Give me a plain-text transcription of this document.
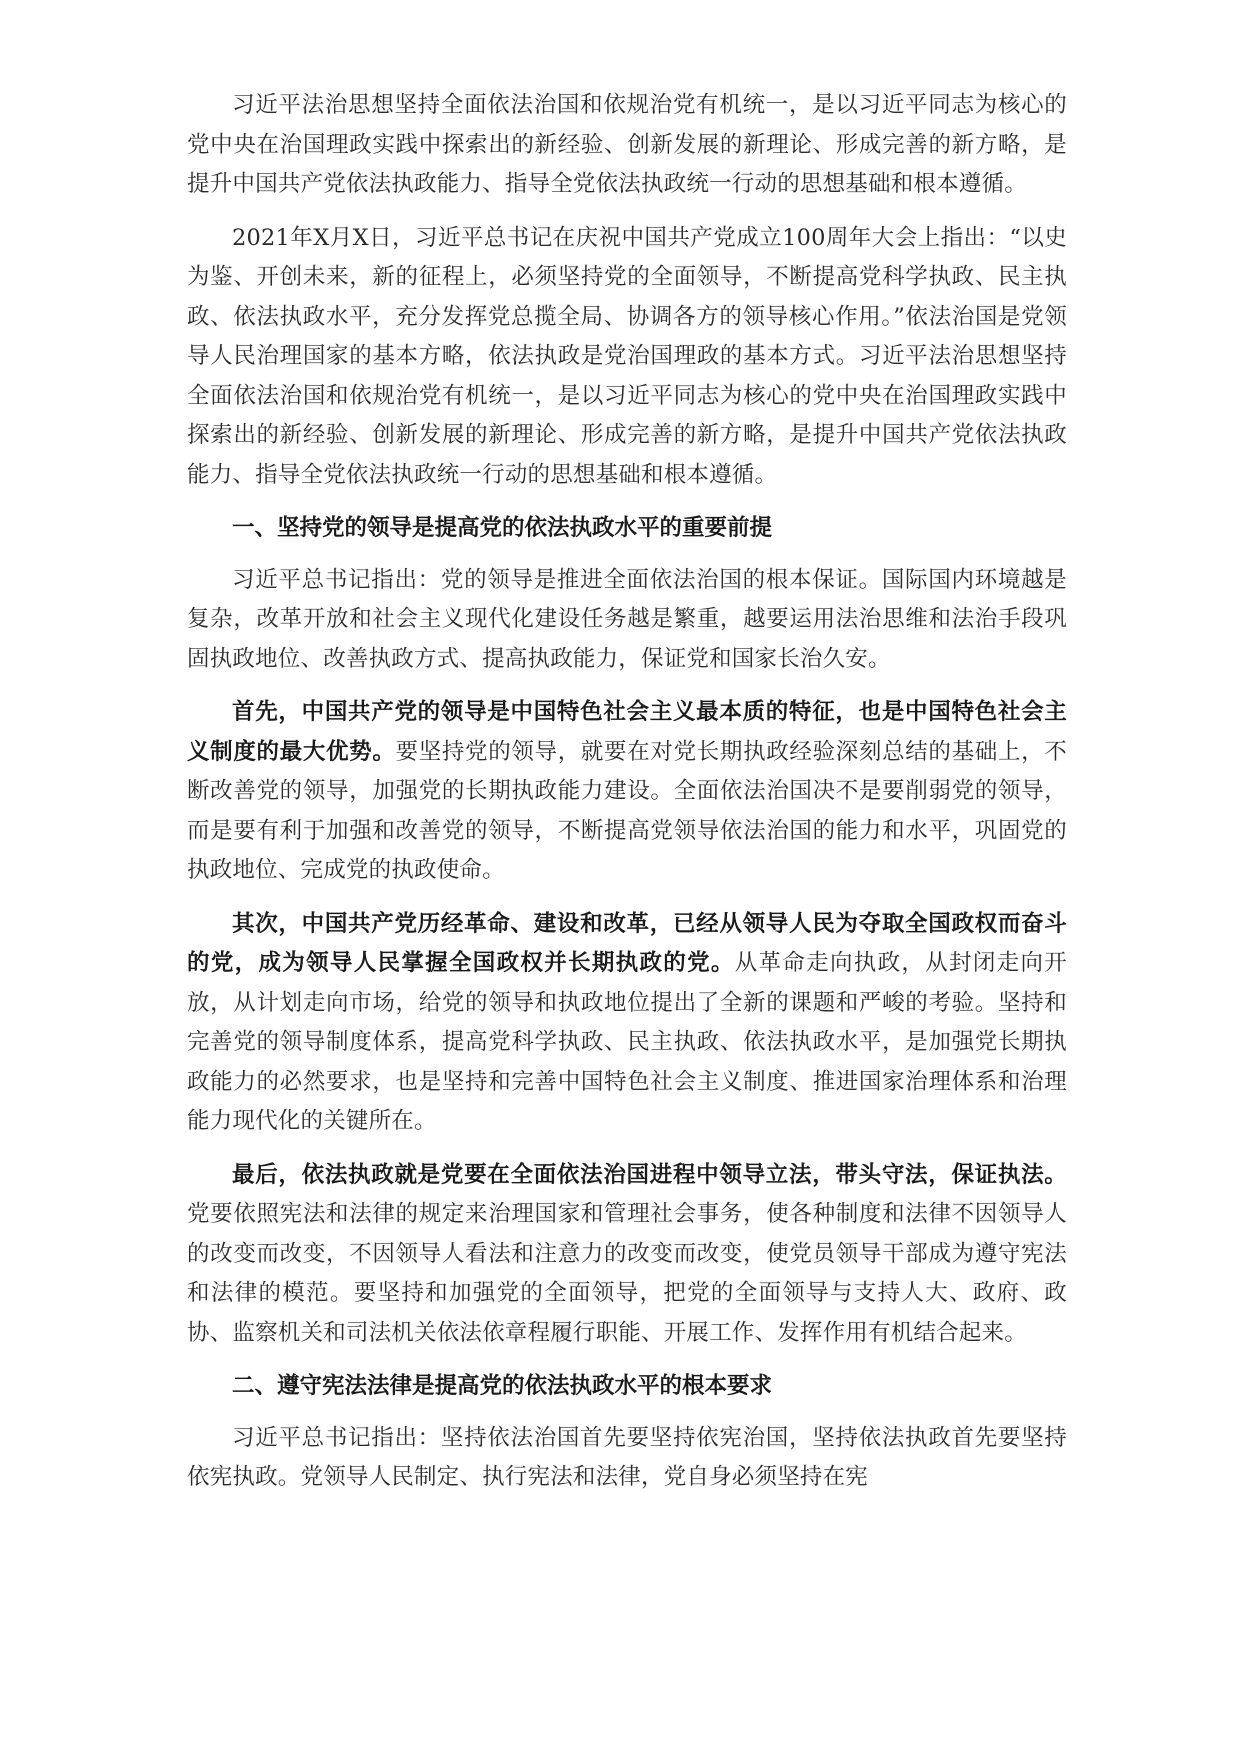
习近平法治思想坚持全面依法治国和依规治党有机统一，是以习近平同志为核心的党中央在治国理政实践中探索出的新经验、创新发展的新理论、形成完善的新方略，是提升中国共产党依法执政能力、指导全党依法执政统一行动的思想基础和根本遵循。

2021年X月X日，习近平总书记在庆祝中国共产党成立100周年大会上指出：“以史为鉴、开创未来，新的征程上，必须坚持党的全面领导，不断提高党科学执政、民主执政、依法执政水平，充分发挥党总揽全局、协调各方的领导核心作用。”依法治国是党领导人民治理国家的基本方略，依法执政是党治国理政的基本方式。习近平法治思想坚持全面依法治国和依规治党有机统一，是以习近平同志为核心的党中央在治国理政实践中探索出的新经验、创新发展的新理论、形成完善的新方略，是提升中国共产党依法执政能力、指导全党依法执政统一行动的思想基础和根本遵循。

一、坚持党的领导是提高党的依法执政水平的重要前提

习近平总书记指出：党的领导是推进全面依法治国的根本保证。国际国内环境越是复杂，改革开放和社会主义现代化建设任务越是繁重，越要运用法治思维和法治手段巩固执政地位、改善执政方式、提高执政能力，保证党和国家长治久安。

首先，中国共产党的领导是中国特色社会主义最本质的特征，也是中国特色社会主义制度的最大优势。要坚持党的领导，就要在对党长期执政经验深刻总结的基础上，不断改善党的领导，加强党的长期执政能力建设。全面依法治国决不是要削弱党的领导，而是要有利于加强和改善党的领导，不断提高党领导依法治国的能力和水平，巩固党的执政地位、完成党的执政使命。

其次，中国共产党历经革命、建设和改革，已经从领导人民为夺取全国政权而奋斗的党，成为领导人民掌握全国政权并长期执政的党。从革命走向执政，从封闭走向开放，从计划走向市场，给党的领导和执政地位提出了全新的课题和严峻的考验。坚持和完善党的领导制度体系，提高党科学执政、民主执政、依法执政水平，是加强党长期执政能力的必然要求，也是坚持和完善中国特色社会主义制度、推进国家治理体系和治理能力现代化的关键所在。

最后，依法执政就是党要在全面依法治国进程中领导立法，带头守法，保证执法。党要依照宪法和法律的规定来治理国家和管理社会事务，使各种制度和法律不因领导人的改变而改变，不因领导人看法和注意力的改变而改变，使党员领导干部成为遵守宪法和法律的模范。要坚持和加强党的全面领导，把党的全面领导与支持人大、政府、政协、监察机关和司法机关依法依章程履行职能、开展工作、发挥作用有机结合起来。

二、遵守宪法法律是提高党的依法执政水平的根本要求

习近平总书记指出：坚持依法治国首先要坚持依宪治国，坚持依法执政首先要坚持依宪执政。党领导人民制定、执行宪法和法律，党自身必须坚持在宪
